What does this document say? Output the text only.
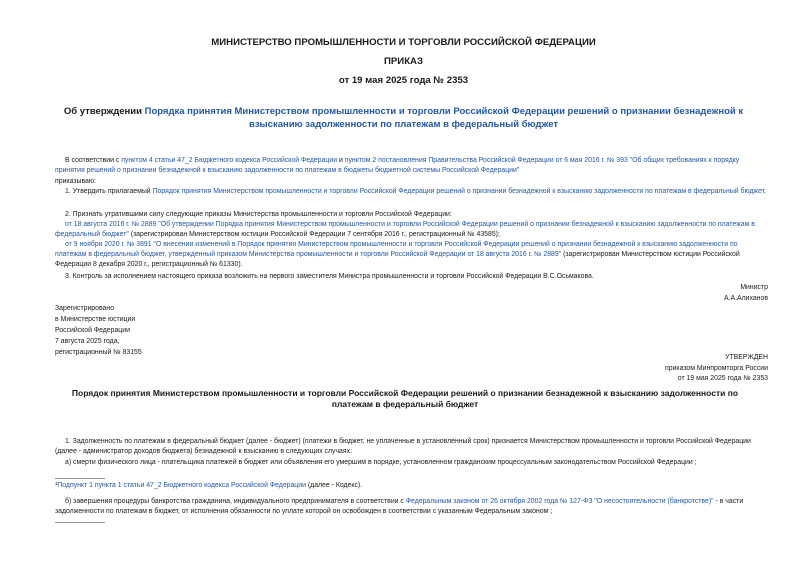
МИНИСТЕРСТВО ПРОМЫШЛЕННОСТИ И ТОРГОВЛИ РОССИЙСКОЙ ФЕДЕРАЦИИ
ПРИКАЗ
от 19 мая 2025 года № 2353
Об утверждении Порядка принятия Министерством промышленности и торговли Российской Федерации решений о признании безнадежной к взысканию задолженности по платежам в федеральный бюджет

В соответствии с пунктом 4 статьи 47_2 Бюджетного кодекса Российской Федерации и пунктом 2 постановления Правительства Российской Федерации от 6 мая 2016 г. № 393 "Об общих требованиях к порядку принятия решений о признании безнадежной к взысканию задолженности по платежам в бюджеты бюджетной системы Российской Федерации"

приказываю:

1. Утвердить прилагаемый Порядок принятия Министерством промышленности и торговли Российской Федерации решений о признании безнадежной к взысканию задолженности по платежам в федеральный бюджет.

2. Признать утратившими силу следующие приказы Министерства промышленности и торговли Российской Федерации:

от 18 августа 2016 г. № 2889 "Об утверждении Порядка принятия Министерством промышленности и торговли Российской Федерации решений о признании безнадежной к взысканию задолженности по платежам в федеральный бюджет" (зарегистрирован Министерством юстиции Российской Федерации 7 сентября 2016 г., регистрационный № 43585);

от 9 ноября 2020 г. № 3891 "О внесении изменений в Порядок принятия Министерством промышленности и торговли Российской Федерации решений о признании безнадежной к взысканию задолженности по платежам в федеральный бюджет, утвержденный приказом Министерства промышленности и торговли Российской Федерации от 18 августа 2016 г. № 2889" (зарегистрирован Министерством юстиции Российской Федерации 8 декабря 2020 г., регистрационный № 61330).

3. Контроль за исполнением настоящего приказа возложить на первого заместителя Министра промышленности и торговли Российской Федерации В.С.Осьмакова.

Министр
А.А.Алиханов
Зарегистрировано
в Министерстве юстиции
Российской Федерации
7 августа 2025 года,
регистрационный № 83155
УТВЕРЖДЕН
приказом Минпромторга России
от 19 мая 2025 года № 2353
Порядок принятия Министерством промышленности и торговли Российской Федерации решений о признании безнадежной к взысканию задолженности по платежам в федеральный бюджет

1. Задолженность по платежам в федеральный бюджет (далее - бюджет) (платежи в бюджет, не уплаченные в установленный срок) признается Министерством промышленности и торговли Российской Федерации (далее - администратор доходов бюджета) безнадежной к взысканию в следующих случаях:

а) смерти физического лица - плательщика платежей в бюджет или объявления его умершим в порядке, установленном гражданским процессуальным законодательством Российской Федерации ;

¹Подпункт 1 пункта 1 статьи 47_2 Бюджетного кодекса Российской Федерации (далее - Кодекс).

б) завершения процедуры банкротства гражданина, индивидуального предпринимателя в соответствии с Федеральным законом от 26 октября 2002 года № 127-ФЗ "О несостоятельности (банкротстве)" - в части задолженности по платежам в бюджет, от исполнения обязанности по уплате которой он освобожден в соответствии с указанным Федеральным законом ;
